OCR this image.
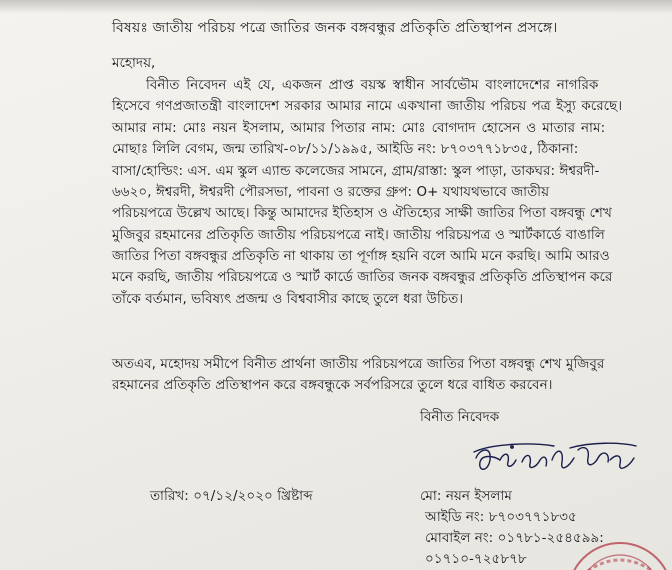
বিষয়ঃ জাতীয় পরিচয় পত্রে জাতির জনক বঙ্গবন্ধুর প্রতিকৃতি প্রতিস্থাপন প্রসঙ্গে।
মহোদয়,
বিনীত নিবেদন এই যে, একজন প্রাপ্ত বয়স্ক স্বাধীন সার্বভৌম বাংলাদেশের নাগরিক
হিসেবে গণপ্রজাতন্ত্রী বাংলাদেশ সরকার আমার নামে একখানা জাতীয় পরিচয় পত্র ইস্যু করেছে।
আমার নাম: মোঃ নয়ন ইসলাম, আমার পিতার নাম: মোঃ বোগদাদ হোসেন ও মাতার নাম:
মোছাঃ লিলি বেগম, জন্ম তারিখ-০৮/১১/১৯৯৫, আইডি নং: ৮৭০৩৭৭১৮৩৫, ঠিকানা:
বাসা/হোল্ডিং: এস. এম স্কুল এ্যান্ড কলেজের সামনে, গ্রাম/রাস্তা: স্কুল পাড়া, ডাকঘর: ঈশ্বরদী-
৬৬২০, ঈশ্বরদী, ঈশ্বরদী পৌরসভা, পাবনা ও রক্তের গ্রুপ: O+ যথাযথভাবে জাতীয়
পরিচয়পত্রে উল্লেখ আছে। কিন্তু আমাদের ইতিহাস ও ঐতিহ্যের সাক্ষী জাতির পিতা বঙ্গবন্ধু শেখ
মুজিবুর রহমানের প্রতিকৃতি জাতীয় পরিচয়পত্রে নাই। জাতীয় পরিচয়পত্র ও স্মার্টকার্ডে বাঙালি
জাতির পিতা বঙ্গবন্ধুর প্রতিকৃতি না থাকায় তা পূর্ণাঙ্গ হয়নি বলে আমি মনে করছি। আমি আরও
মনে করছি, জাতীয় পরিচয়পত্রে ও স্মার্ট কার্ডে জাতির জনক বঙ্গবন্ধুর প্রতিকৃতি প্রতিস্থাপন করে
তাঁকে বর্তমান, ভবিষ্যৎ প্রজন্ম ও বিশ্ববাসীর কাছে তুলে ধরা উচিত।
অতএব, মহোদয় সমীপে বিনীত প্রার্থনা জাতীয় পরিচয়পত্রে জাতির পিতা বঙ্গবন্ধু শেখ মুজিবুর
রহমানের প্রতিকৃতি প্রতিস্থাপন করে বঙ্গবন্ধুকে সর্বপরিসরে তুলে ধরে বাধিত করবেন।
বিনীত নিবেদক
তারিখ: ০৭/১২/২০২০ খ্রিষ্টাব্দ	মো: নয়ন ইসলাম
আইডি নং: ৮৭০৩৭৭১৮৩৫
মোবাইল নং: ০১৭৮১-২৫৪৫৯৯:
০১৭১০-৭২৫৮৭৮
